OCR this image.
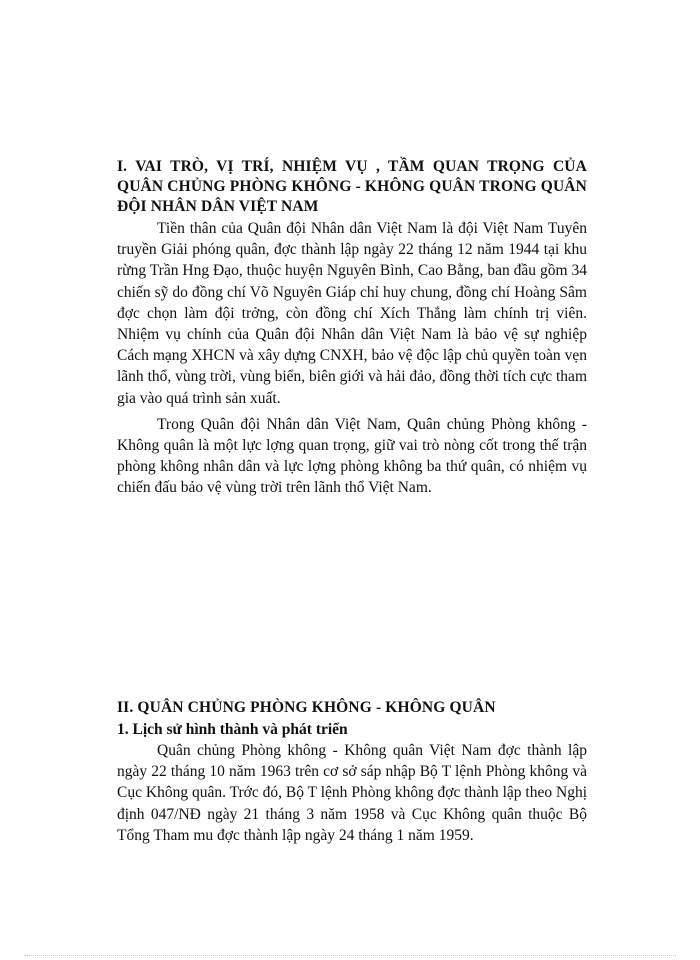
I. VAI TRÒ, VỊ TRÍ, NHIỆM VỤ , TẦM QUAN TRỌNG CỦA QUÂN CHỦNG PHÒNG KHÔNG - KHÔNG QUÂN TRONG QUÂN ĐỘI NHÂN DÂN VIỆT NAM

Tiền thân của Quân đội Nhân dân Việt Nam là đội Việt Nam Tuyên truyền Giải phóng quân, đợc thành lập ngày 22 tháng 12 năm 1944 tại khu rừng Trần Hng Đạo, thuộc huyện Nguyên Bình, Cao Bằng, ban đầu gồm 34 chiến sỹ do đồng chí Võ Nguyên Giáp chỉ huy chung, đồng chí Hoàng Sâm đợc chọn làm đội trởng, còn đồng chí Xích Thắng làm chính trị viên. Nhiệm vụ chính của Quân đội Nhân dân Việt Nam là bảo vệ sự nghiệp Cách mạng XHCN và xây dựng CNXH, bảo vệ độc lập chủ quyền toàn vẹn lãnh thổ, vùng trời, vùng biển, biên giới và hải đảo, đồng thời tích cực tham gia vào quá trình sản xuất.

Trong Quân đội Nhân dân Việt Nam, Quân chủng Phòng không - Không quân là một lực lợng quan trọng, giữ vai trò nòng cốt trong thế trận phòng không nhân dân và lực lợng phòng không ba thứ quân, có nhiệm vụ chiến đấu bảo vệ vùng trời trên lãnh thổ Việt Nam.

II. QUÂN CHỦNG PHÒNG KHÔNG - KHÔNG QUÂN
1. Lịch sử hình thành và phát triển

Quân chủng Phòng không - Không quân Việt Nam đợc thành lập ngày 22 tháng 10 năm 1963 trên cơ sở sáp nhập Bộ T lệnh Phòng không và Cục Không quân. Trớc đó, Bộ T lệnh Phòng không đợc thành lập theo Nghị định 047/NĐ ngày 21 tháng 3 năm 1958 và Cục Không quân thuộc Bộ Tổng Tham mu đợc thành lập ngày 24 tháng 1 năm 1959.
